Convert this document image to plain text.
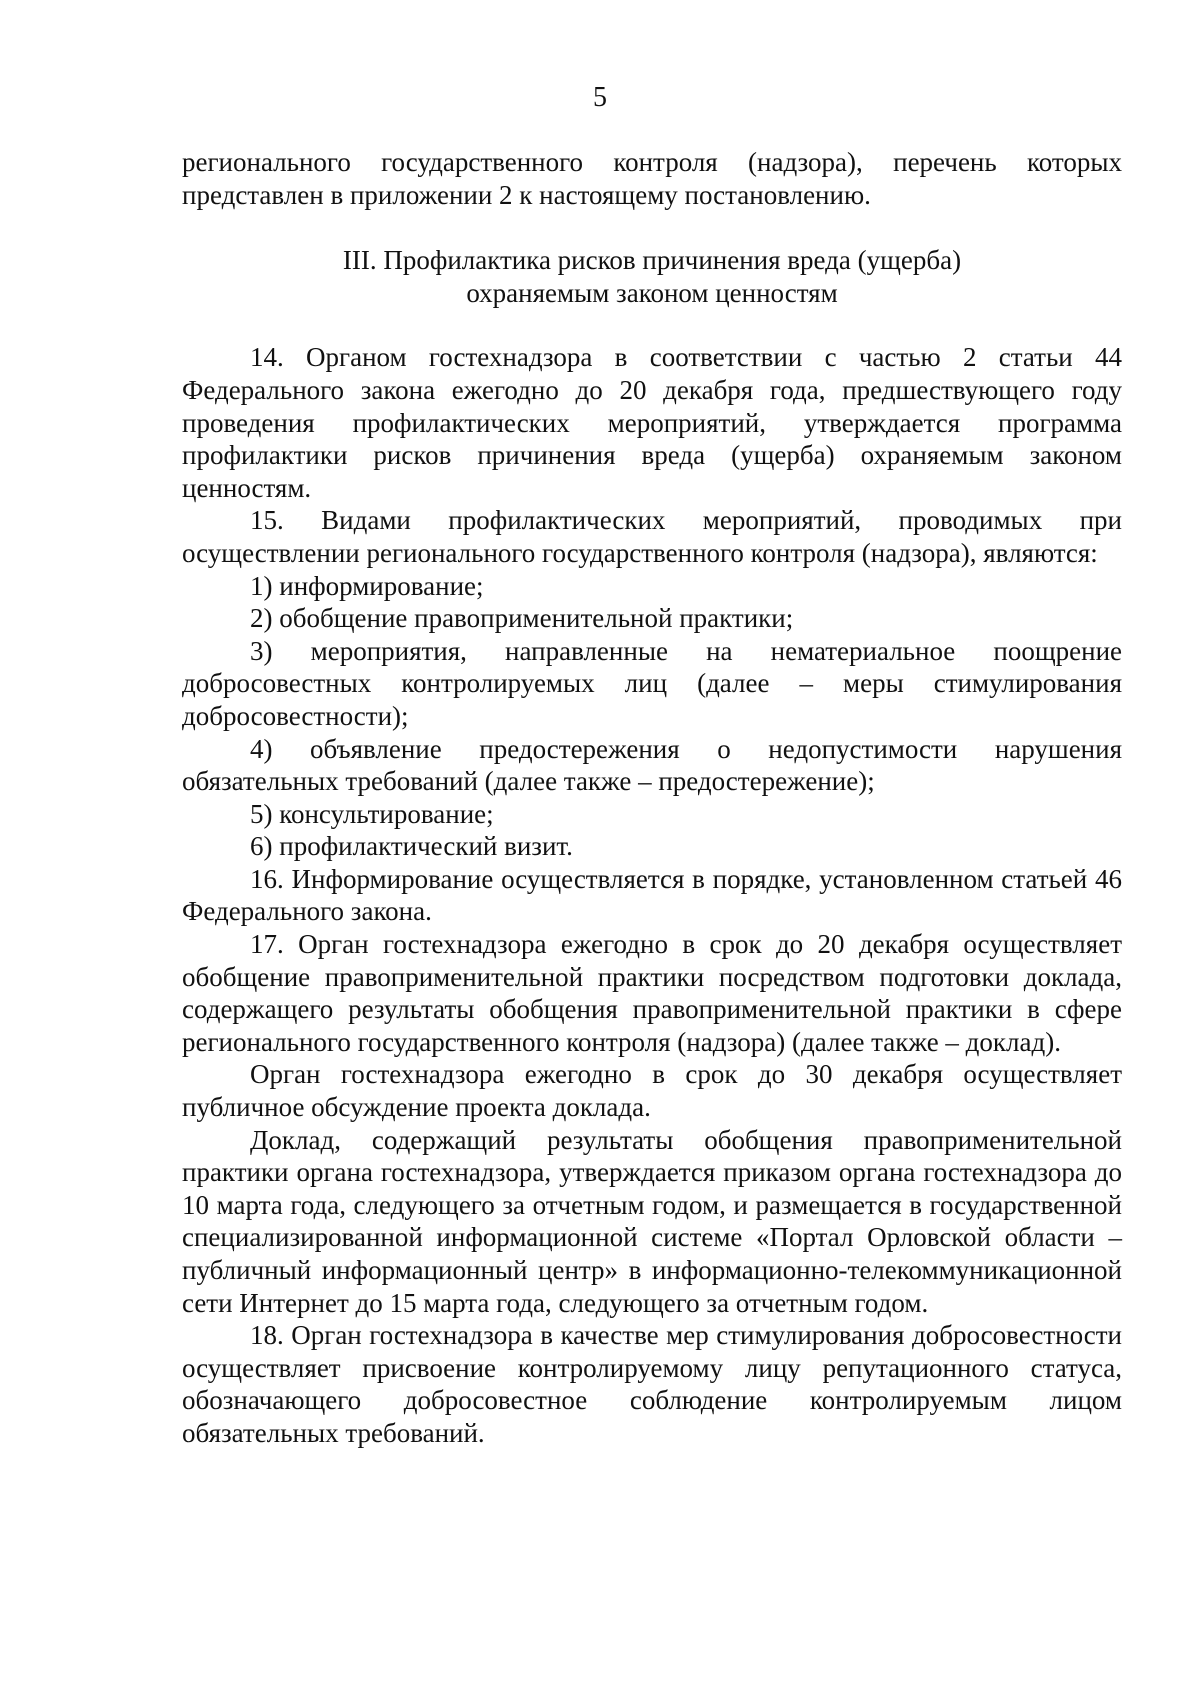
5

регионального государственного контроля (надзора), перечень которых представлен в приложении 2 к настоящему постановлению.

III. Профилактика рисков причинения вреда (ущерба)
охраняемым законом ценностям

14. Органом гостехнадзора в соответствии с частью 2 статьи 44 Федерального закона ежегодно до 20 декабря года, предшествующего году проведения профилактических мероприятий, утверждается программа профилактики рисков причинения вреда (ущерба) охраняемым законом ценностям.

15. Видами профилактических мероприятий, проводимых при осуществлении регионального государственного контроля (надзора), являются:

1) информирование;

2) обобщение правоприменительной практики;

3) мероприятия, направленные на нематериальное поощрение добросовестных контролируемых лиц (далее – меры стимулирования добросовестности);

4) объявление предостережения о недопустимости нарушения обязательных требований (далее также – предостережение);

5) консультирование;

6) профилактический визит.

16. Информирование осуществляется в порядке, установленном статьей 46 Федерального закона.

17. Орган гостехнадзора ежегодно в срок до 20 декабря осуществляет обобщение правоприменительной практики посредством подготовки доклада, содержащего результаты обобщения правоприменительной практики в сфере регионального государственного контроля (надзора) (далее также – доклад).

Орган гостехнадзора ежегодно в срок до 30 декабря осуществляет публичное обсуждение проекта доклада.

Доклад, содержащий результаты обобщения правоприменительной практики органа гостехнадзора, утверждается приказом органа гостехнадзора до 10 марта года, следующего за отчетным годом, и размещается в государственной специализированной информационной системе «Портал Орловской области – публичный информационный центр» в информационно-телекоммуникационной сети Интернет до 15 марта года, следующего за отчетным годом.

18. Орган гостехнадзора в качестве мер стимулирования добросовестности осуществляет присвоение контролируемому лицу репутационного статуса, обозначающего добросовестное соблюдение контролируемым лицом обязательных требований.
